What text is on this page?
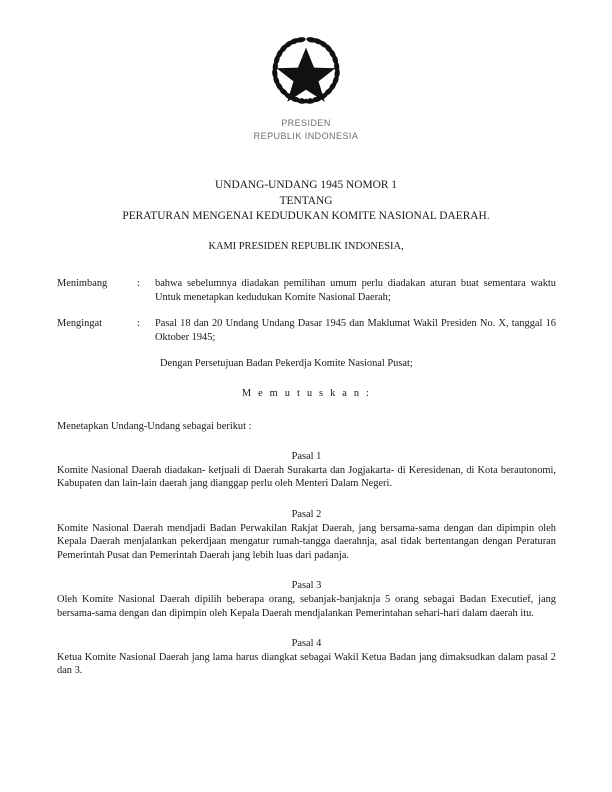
PRESIDEN
REPUBLIK INDONESIA
UNDANG-UNDANG 1945 NOMOR 1
TENTANG
PERATURAN MENGENAI KEDUDUKAN KOMITE NASIONAL DAERAH.
KAMI PRESIDEN REPUBLIK INDONESIA,
Menimbang	:	bahwa sebelumnya diadakan pemilihan umum perlu diadakan aturan buat sementara waktu Untuk menetapkan kedudukan Komite Nasional Daerah;
Mengingat	:	Pasal 18 dan 20 Undang Undang Dasar 1945 dan Maklumat Wakil Presiden No. X, tanggal 16 Oktober 1945;
Dengan Persetujuan Badan Pekerdja Komite Nasional Pusat;
M e m u t u s k a n :
Menetapkan Undang-Undang sebagai berikut :
Pasal 1
Komite Nasional Daerah diadakan- ketjuali di Daerah Surakarta dan Jogjakarta- di Keresidenan, di Kota berautonomi, Kabupaten dan lain-lain daerah jang dianggap perlu oleh Menteri Dalam Negeri.
Pasal 2
Komite Nasional Daerah mendjadi Badan Perwakilan Rakjat Daerah, jang bersama-sama dengan dan dipimpin oleh Kepala Daerah menjalankan pekerdjaan mengatur rumah-tangga daerahnja, asal tidak bertentangan dengan Peraturan Pemerintah Pusat dan Pemerintah Daerah jang lebih luas dari padanja.
Pasal 3
Oleh Komite Nasional Daerah dipilih beberapa orang, sebanjak-banjaknja 5 orang sebagai Badan Executief, jang bersama-sama dengan dan dipimpin oleh Kepala Daerah mendjalankan Pemerintahan sehari-hari dalam daerah itu.
Pasal 4
Ketua Komite Nasional Daerah jang lama harus diangkat sebagai Wakil Ketua Badan jang dimaksudkan dalam pasal 2 dan 3.
